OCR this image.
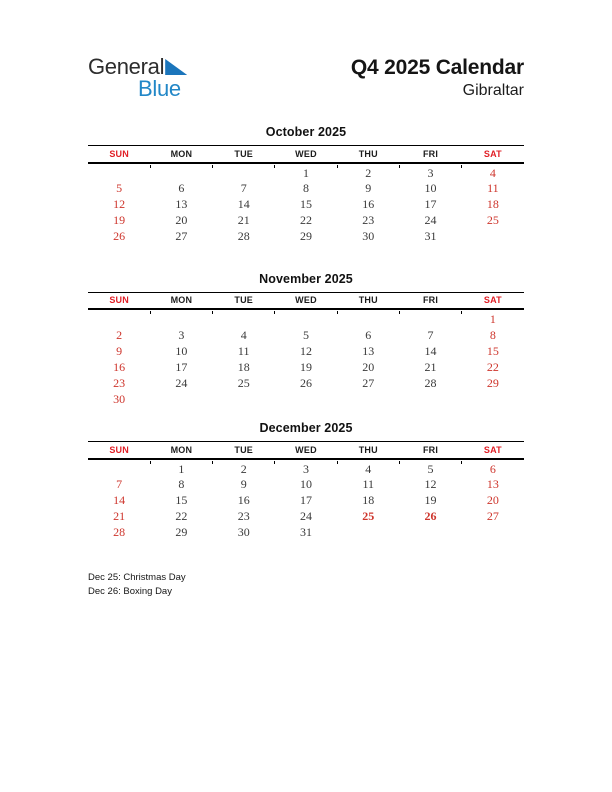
General
Blue
Q4 2025 Calendar
Gibraltar
October 2025
SUN	MON	TUE	WED	THU	FRI	SAT
			1	2	3	4
5	6	7	8	9	10	11
12	13	14	15	16	17	18
19	20	21	22	23	24	25
26	27	28	29	30	31	
November 2025
SUN	MON	TUE	WED	THU	FRI	SAT
						1
2	3	4	5	6	7	8
9	10	11	12	13	14	15
16	17	18	19	20	21	22
23	24	25	26	27	28	29
30						
December 2025
SUN	MON	TUE	WED	THU	FRI	SAT
	1	2	3	4	5	6
7	8	9	10	11	12	13
14	15	16	17	18	19	20
21	22	23	24	25	26	27
28	29	30	31			
Dec 25: Christmas Day
Dec 26: Boxing Day
